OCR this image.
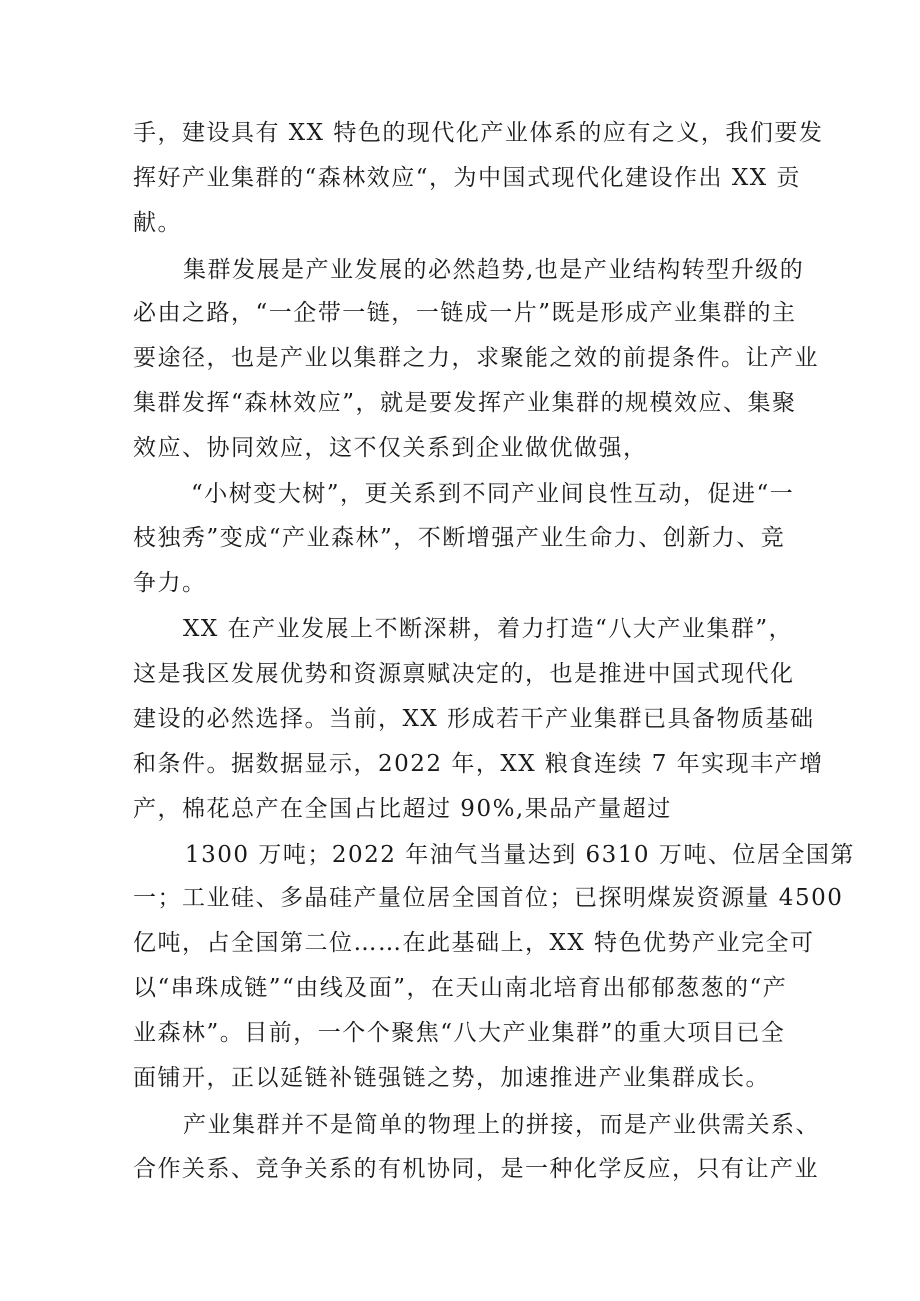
手，建设具有 XX 特色的现代化产业体系的应有之义，我们要发
挥好产业集群的“森林效应“，为中国式现代化建设作出 XX 贡
献。
集群发展是产业发展的必然趋势,也是产业结构转型升级的
必由之路，“一企带一链，一链成一片”既是形成产业集群的主
要途径，也是产业以集群之力，求聚能之效的前提条件。让产业
集群发挥“森林效应”，就是要发挥产业集群的规模效应、集聚
效应、协同效应，这不仅关系到企业做优做强，
“小树变大树”，更关系到不同产业间良性互动，促进“一
枝独秀”变成“产业森林”，不断增强产业生命力、创新力、竞
争力。
XX 在产业发展上不断深耕，着力打造“八大产业集群”，
这是我区发展优势和资源禀赋决定的，也是推进中国式现代化
建设的必然选择。当前，XX 形成若干产业集群已具备物质基础
和条件。据数据显示，2022 年，XX 粮食连续 7 年实现丰产增
产，棉花总产在全国占比超过 90%,果品产量超过
1300 万吨；2022 年油气当量达到 6310 万吨、位居全国第
一；工业硅、多晶硅产量位居全国首位；已探明煤炭资源量 4500
亿吨，占全国第二位……在此基础上，XX 特色优势产业完全可
以“串珠成链”“由线及面”，在天山南北培育出郁郁葱葱的“产
业森林”。目前，一个个聚焦“八大产业集群”的重大项目已全
面铺开，正以延链补链强链之势，加速推进产业集群成长。
产业集群并不是简单的物理上的拼接，而是产业供需关系、
合作关系、竞争关系的有机协同，是一种化学反应，只有让产业
